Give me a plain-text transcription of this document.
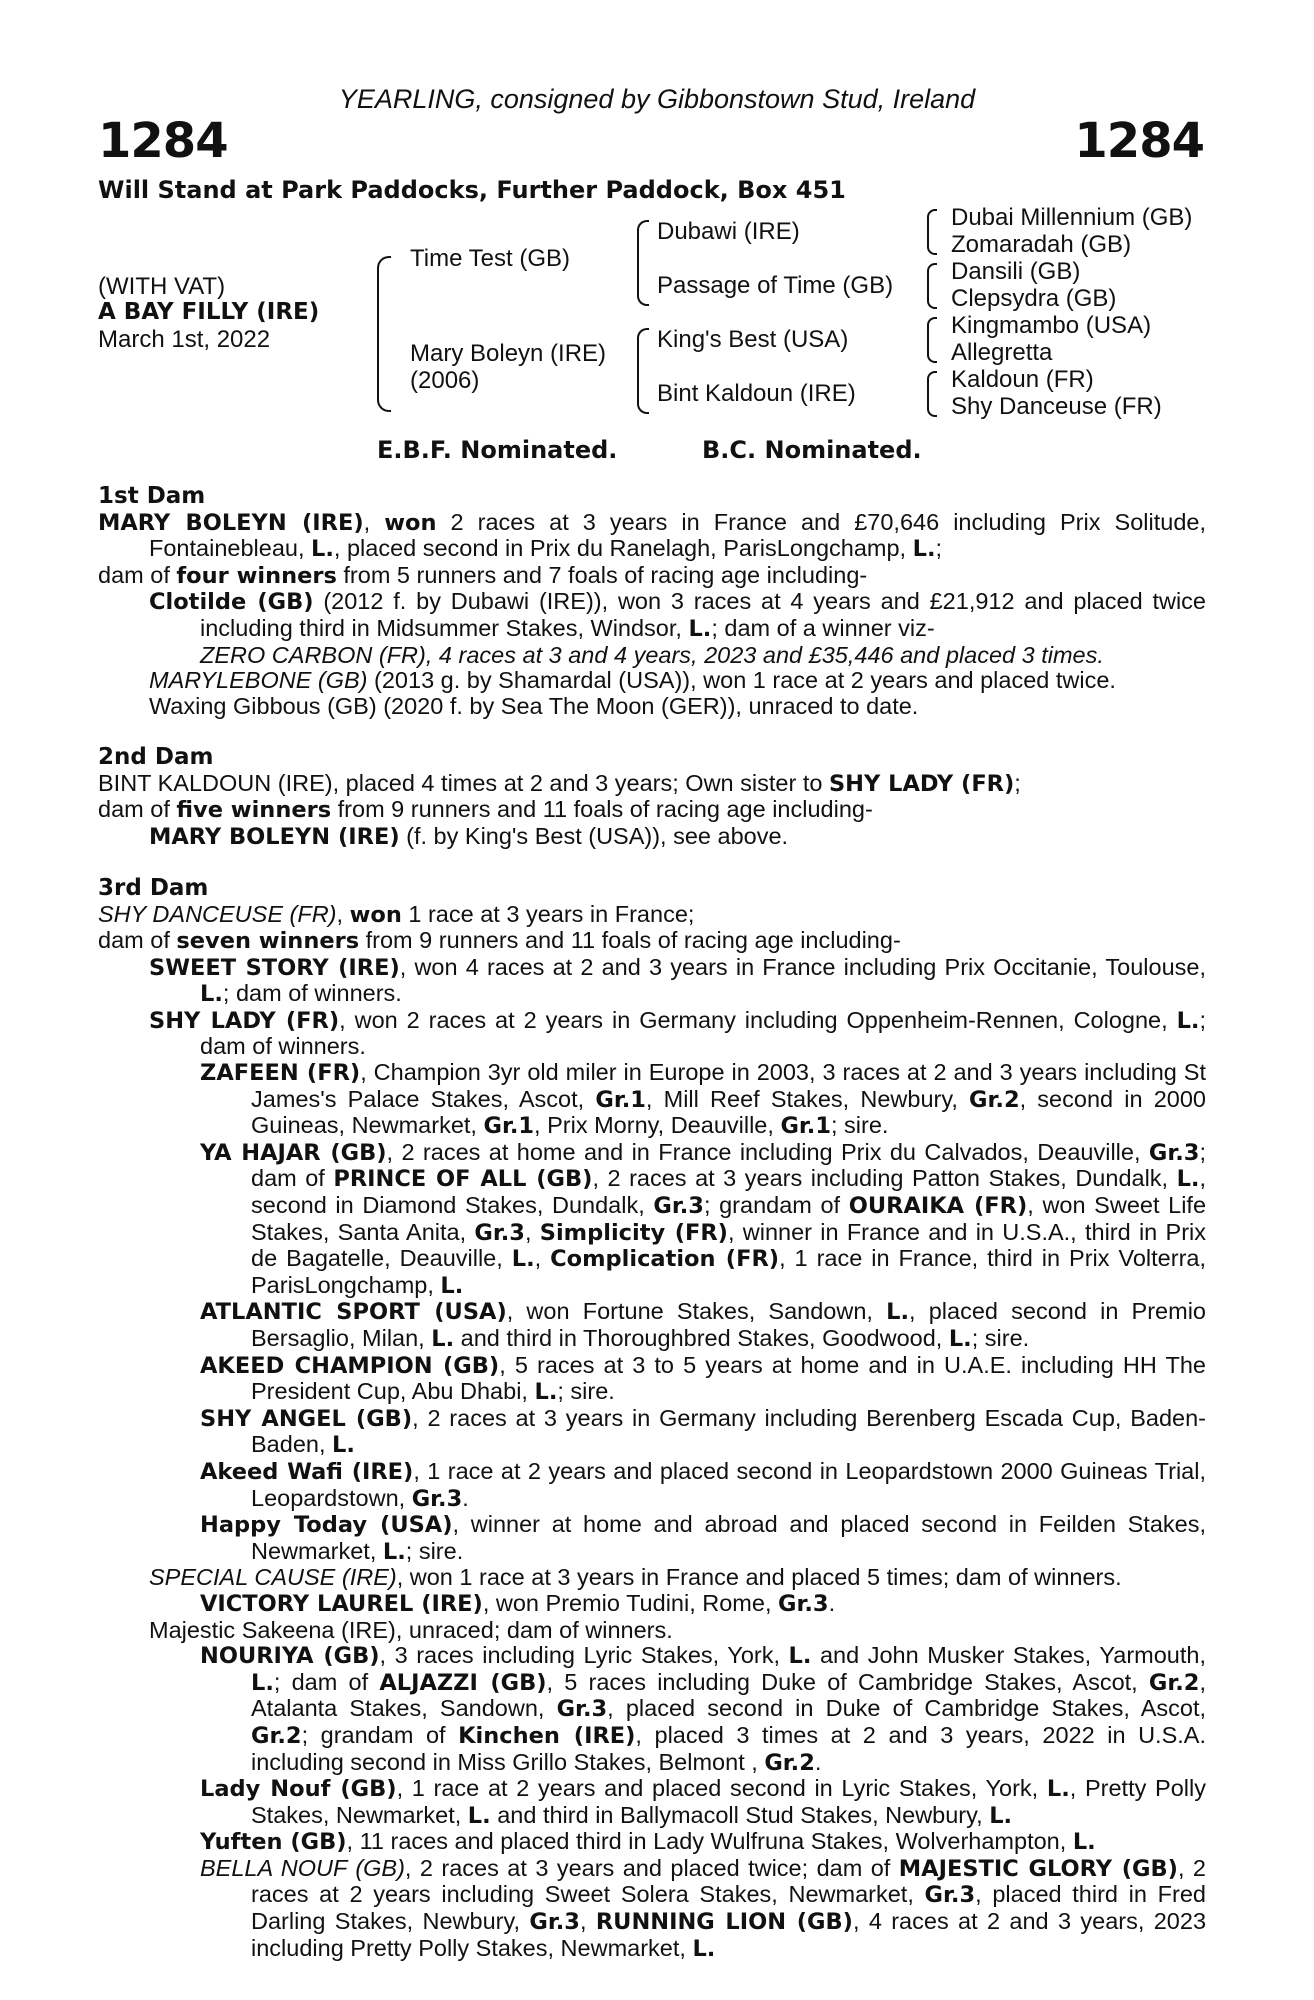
YEARLING, consigned by Gibbonstown Stud, Ireland
1284	1284
Will Stand at Park Paddocks, Further Paddock, Box 451
(WITH VAT)
A BAY FILLY (IRE)
March 1st, 2022
Time Test (GB)
Mary Boleyn (IRE)
(2006)
Dubawi (IRE)
Passage of Time (GB)
King's Best (USA)
Bint Kaldoun (IRE)
Dubai Millennium (GB)
Zomaradah (GB)
Dansili (GB)
Clepsydra (GB)
Kingmambo (USA)
Allegretta
Kaldoun (FR)
Shy Danceuse (FR)
E.B.F. Nominated.	B.C. Nominated.
1st Dam

MARY BOLEYN (IRE), won 2 races at 3 years in France and £70,646 including Prix Solitude, Fontainebleau, L., placed second in Prix du Ranelagh, ParisLongchamp, L.;

dam of four winners from 5 runners and 7 foals of racing age including-

Clotilde (GB) (2012 f. by Dubawi (IRE)), won 3 races at 4 years and £21,912 and placed twice including third in Midsummer Stakes, Windsor, L.; dam of a winner viz-

ZERO CARBON (FR), 4 races at 3 and 4 years, 2023 and £35,446 and placed 3 times.

MARYLEBONE (GB) (2013 g. by Shamardal (USA)), won 1 race at 2 years and placed twice.

Waxing Gibbous (GB) (2020 f. by Sea The Moon (GER)), unraced to date.

2nd Dam

BINT KALDOUN (IRE), placed 4 times at 2 and 3 years; Own sister to SHY LADY (FR);

dam of five winners from 9 runners and 11 foals of racing age including-

MARY BOLEYN (IRE) (f. by King's Best (USA)), see above.

3rd Dam

SHY DANCEUSE (FR), won 1 race at 3 years in France;

dam of seven winners from 9 runners and 11 foals of racing age including-

SWEET STORY (IRE), won 4 races at 2 and 3 years in France including Prix Occitanie, Toulouse, L.; dam of winners.

SHY LADY (FR), won 2 races at 2 years in Germany including Oppenheim-Rennen, Cologne, L.; dam of winners.

ZAFEEN (FR), Champion 3yr old miler in Europe in 2003, 3 races at 2 and 3 years including St James's Palace Stakes, Ascot, Gr.1, Mill Reef Stakes, Newbury, Gr.2, second in 2000 Guineas, Newmarket, Gr.1, Prix Morny, Deauville, Gr.1; sire.

YA HAJAR (GB), 2 races at home and in France including Prix du Calvados, Deauville, Gr.3; dam of PRINCE OF ALL (GB), 2 races at 3 years including Patton Stakes, Dundalk, L., second in Diamond Stakes, Dundalk, Gr.3; grandam of OURAIKA (FR), won Sweet Life Stakes, Santa Anita, Gr.3, Simplicity (FR), winner in France and in U.S.A., third in Prix de Bagatelle, Deauville, L., Complication (FR), 1 race in France, third in Prix Volterra, ParisLongchamp, L.

ATLANTIC SPORT (USA), won Fortune Stakes, Sandown, L., placed second in Premio Bersaglio, Milan, L. and third in Thoroughbred Stakes, Goodwood, L.; sire.

AKEED CHAMPION (GB), 5 races at 3 to 5 years at home and in U.A.E. including HH The President Cup, Abu Dhabi, L.; sire.

SHY ANGEL (GB), 2 races at 3 years in Germany including Berenberg Escada Cup, Baden-Baden, L.

Akeed Wafi (IRE), 1 race at 2 years and placed second in Leopardstown 2000 Guineas Trial, Leopardstown, Gr.3.

Happy Today (USA), winner at home and abroad and placed second in Feilden Stakes, Newmarket, L.; sire.

SPECIAL CAUSE (IRE), won 1 race at 3 years in France and placed 5 times; dam of winners.

VICTORY LAUREL (IRE), won Premio Tudini, Rome, Gr.3.

Majestic Sakeena (IRE), unraced; dam of winners.

NOURIYA (GB), 3 races including Lyric Stakes, York, L. and John Musker Stakes, Yarmouth, L.; dam of ALJAZZI (GB), 5 races including Duke of Cambridge Stakes, Ascot, Gr.2, Atalanta Stakes, Sandown, Gr.3, placed second in Duke of Cambridge Stakes, Ascot, Gr.2; grandam of Kinchen (IRE), placed 3 times at 2 and 3 years, 2022 in U.S.A. including second in Miss Grillo Stakes, Belmont , Gr.2.

Lady Nouf (GB), 1 race at 2 years and placed second in Lyric Stakes, York, L., Pretty Polly Stakes, Newmarket, L. and third in Ballymacoll Stud Stakes, Newbury, L.

Yuften (GB), 11 races and placed third in Lady Wulfruna Stakes, Wolverhampton, L.

BELLA NOUF (GB), 2 races at 3 years and placed twice; dam of MAJESTIC GLORY (GB), 2 races at 2 years including Sweet Solera Stakes, Newmarket, Gr.3, placed third in Fred Darling Stakes, Newbury, Gr.3, RUNNING LION (GB), 4 races at 2 and 3 years, 2023 including Pretty Polly Stakes, Newmarket, L.
